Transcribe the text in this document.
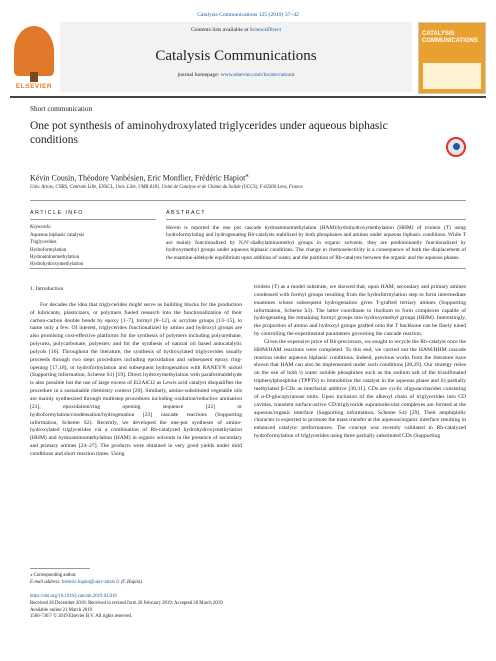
Catalysis Communications 125 (2019) 37–42
ELSEVIER
Contents lists available at ScienceDirect
Catalysis Communications
journal homepage: www.elsevier.com/locate/catcom
CATALYSIS COMMUNICATIONS
Short communication
One pot synthesis of aminohydroxylated triglycerides under aqueous biphasic conditions
Kévin Cousin, Théodore Vanbésien, Eric Monflier, Frédéric Hapiot⁎
Univ. Artois, CNRS, Centrale Lille, ENSCL, Univ. Lille, UMR 8181, Unité de Catalyse et de Chimie du Solide (UCCS), F-62300 Lens, France
ARTICLE INFO	ABSTRACT
Keywords:
Aqueous biphasic catalysis
Triglycerides
Hydroformylation
Hydroaminomethylation
Hydrohydroxymethylation

Herein is reported the one pot cascade hydroaminomethylation (HAM)/hydrohydroxymethylation (HHM) of triolein (T) using hydroformylating and hydrogenating Rh-catalysts stabilized by both phosphanes and amines under aqueous biphasic conditions. While T are mainly functionalized by N,N′-dialkylaminomethyl groups in organic solvents, they are predominantly functionalized by hydroxymethyl groups under aqueous biphasic conditions. The change in chemoselectivity is a consequence of both the displacement of the enamine-aldehyde equilibrium upon addition of water, and the partition of Rh-catalysts between the organic and the aqueous phases.

1. Introduction

For decades the idea that triglycerides might serve as building blocks for the production of lubricants, plasticizers, or polymers fueled research into the functionalization of their carbon-carbon double bonds by epoxy [1–7], formyl [8–12], or acrylate groups [13–15], to name only a few. Of interest, triglycerides functionalized by amino and hydroxyl groups are also promising cost-effective platforms for the synthesis of polymers including polyurethane, polyurea, polycarbonate, polyester, and for the synthesis of natural oil based autocatalytic polyols [16]. Throughout the literature, the synthesis of hydroxylated triglycerides usually proceeds through two steps procedures including epoxidation and subsequent epoxy ring-opening [17,18], or hydroformylation and subsequent hydrogenation with RANEY® nickel (Supporting information, Scheme S1) [19]. Direct hydroxymethylation with paraformaldehyde is also possible but the use of large excess of Et2AlCl2 as Lewis acid catalyst disqualifies the procedure in a sustainable chemistry context [20]. Similarly, amino-substituted vegetable oils are mainly synthesized through multistep procedures including oxidation/reductive amination [21], epoxidation/ring opening sequence [22] or hydroformylation/condensation/hydrogenation [23] cascade reactions (Supporting information, Scheme S2). Recently, we developed the one-pot syntheses of amino-hydroxylated triglycerides via a combination of Rh-catalyzed hydrohydroxymethylation (HHM) and hydroaminomethylation (HAM) in organic solvents in the presence of secondary and primary amines [24–27]. The products were obtained in very good yields under mild conditions and short reaction times. Using

triolein (T) as a model substrate, we showed that, upon HAM, secondary and primary amines condensed with formyl groups resulting from the hydroformylation step to form intermediate enamines whose subsequent hydrogenation gives T-grafted tertiary amines (Supporting information, Scheme S3). The latter coordinate to rhodium to form complexes capable of hydrogenating the remaining formyl groups into hydroxymethyl groups (HHM). Interestingly, the proportion of amino and hydroxyl groups grafted onto the T backbone can be finely tuned by controlling the experimental parameters governing the cascade reaction.

Given the expensive price of Rh-precursors, we sought to recycle the Rh-catalyst once the HHM/HAM reactions were completed. To this end, we carried out the HAM/HHM cascade reaction under aqueous biphasic conditions. Indeed, previous works from the literature have shown that HAM can also be implemented under such conditions [28,29]. Our strategy relies on the use of both i) water soluble phosphines such as the sodium salt of the trisulfonated triphenylphosphine (TPPTS) to immobilize the catalyst in the aqueous phase and ii) partially methylated β-CDs as interfacial additive [30,31]. CDs are cyclic oligosaccharides consisting of α-D-glucopyranose units. Upon inclusion of the alkenyl chain of triglycerides into CD cavities, transient surface-active CD/triglyceride supramolecular complexes are formed at the aqueous/organic interface (Supporting information, Scheme S4) [29]. Their amphiphilic character is expected to promote the mass transfer at the aqueous/organic interface resulting in enhanced catalytic performances. The concept was recently validated in Rh-catalyzed hydroformylation of triglycerides using three partially substituted CDs (Supporting

⁎ Corresponding author.
E-mail address: frederic.hapiot@univ-artois.fr (F. Hapiot).
https://doi.org/10.1016/j.catcom.2019.03.018
Received 26 December 2018; Received in revised form 26 February 2019; Accepted 20 March 2019
Available online 21 March 2019
1566-7367/ © 2019 Elsevier B.V. All rights reserved.
